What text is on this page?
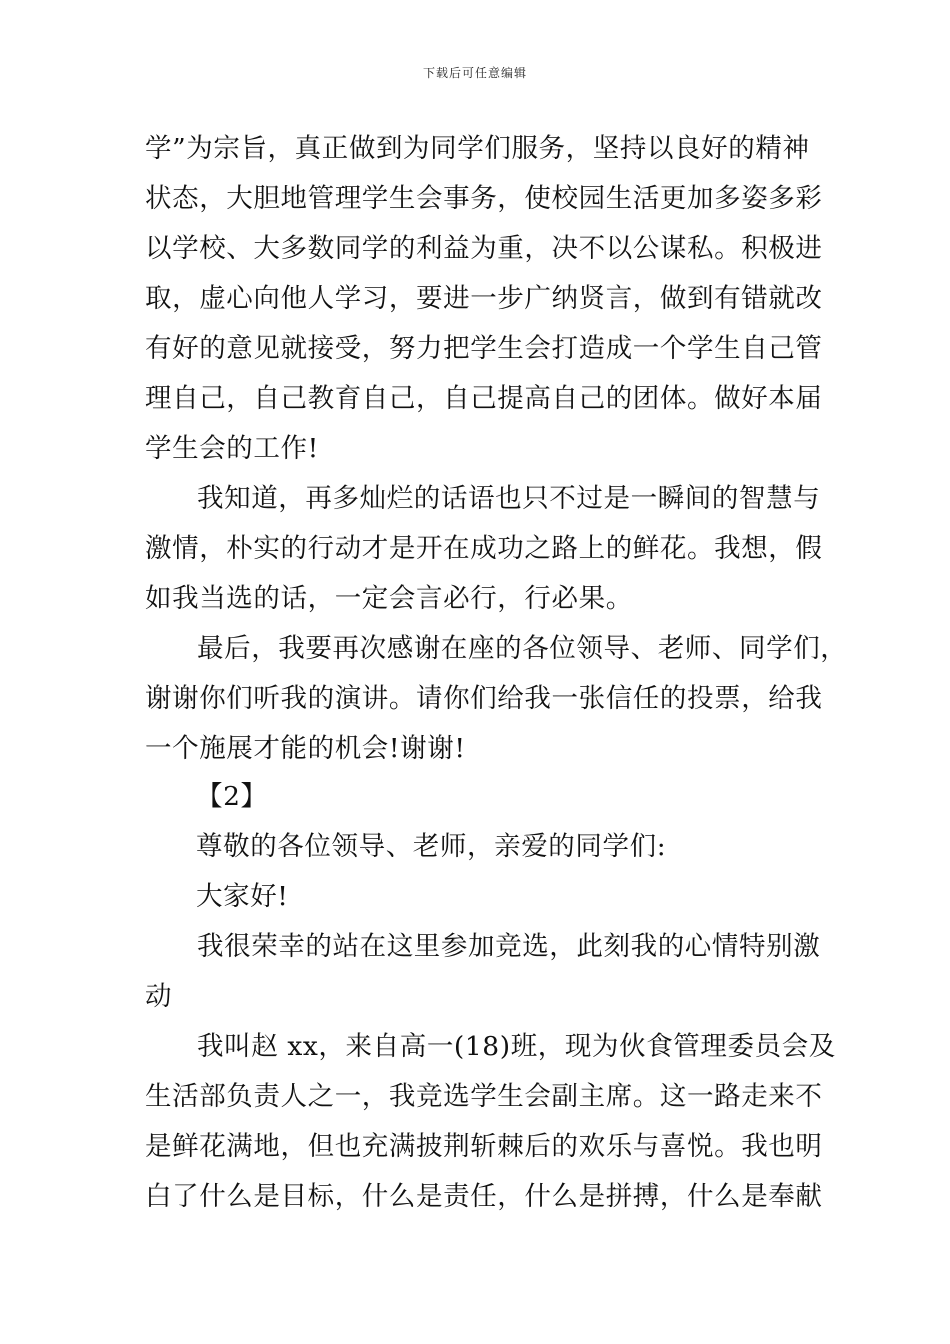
下载后可任意编辑
学”为宗旨，真正做到为同学们服务，坚持以良好的精神
状态，大胆地管理学生会事务，使校园生活更加多姿多彩
以学校、大多数同学的利益为重，决不以公谋私。积极进
取，虚心向他人学习，要进一步广纳贤言，做到有错就改
有好的意见就接受，努力把学生会打造成一个学生自己管
理自己，自己教育自己，自己提高自己的团体。做好本届
学生会的工作!
我知道，再多灿烂的话语也只不过是一瞬间的智慧与
激情，朴实的行动才是开在成功之路上的鲜花。我想，假
如我当选的话，一定会言必行，行必果。
最后，我要再次感谢在座的各位领导、老师、同学们，
谢谢你们听我的演讲。请你们给我一张信任的投票，给我
一个施展才能的机会!谢谢!
【2】
尊敬的各位领导、老师，亲爱的同学们:
大家好!
我很荣幸的站在这里参加竞选，此刻我的心情特别激
动
我叫赵 xx，来自高一(18)班，现为伙食管理委员会及
生活部负责人之一，我竞选学生会副主席。这一路走来不
是鲜花满地，但也充满披荆斩棘后的欢乐与喜悦。我也明
白了什么是目标，什么是责任，什么是拼搏，什么是奉献
